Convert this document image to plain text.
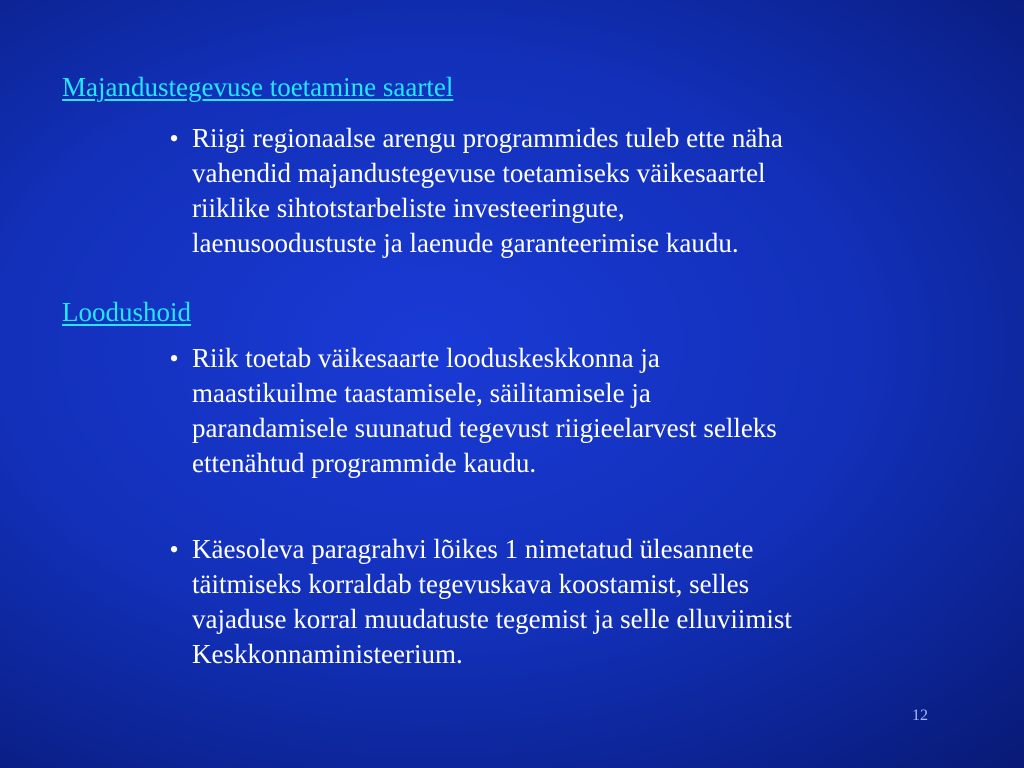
Majandustegevuse toetamine saartel
• Riigi regionaalse arengu programmides tuleb ette näha
vahendid majandustegevuse toetamiseks väikesaartel
riiklike sihtotstarbeliste investeeringute,
laenusoodustuste ja laenude garanteerimise kaudu.

Loodushoid
• Riik toetab väikesaarte looduskeskkonna ja
maastikuilme taastamisele, säilitamisele ja
parandamisele suunatud tegevust riigieelarvest selleks
ettenähtud programmide kaudu.

• Käesoleva paragrahvi lõikes 1 nimetatud ülesannete
täitmiseks korraldab tegevuskava koostamist, selles
vajaduse korral muudatuste tegemist ja selle elluviimist
Keskkonnaministeerium.

12
